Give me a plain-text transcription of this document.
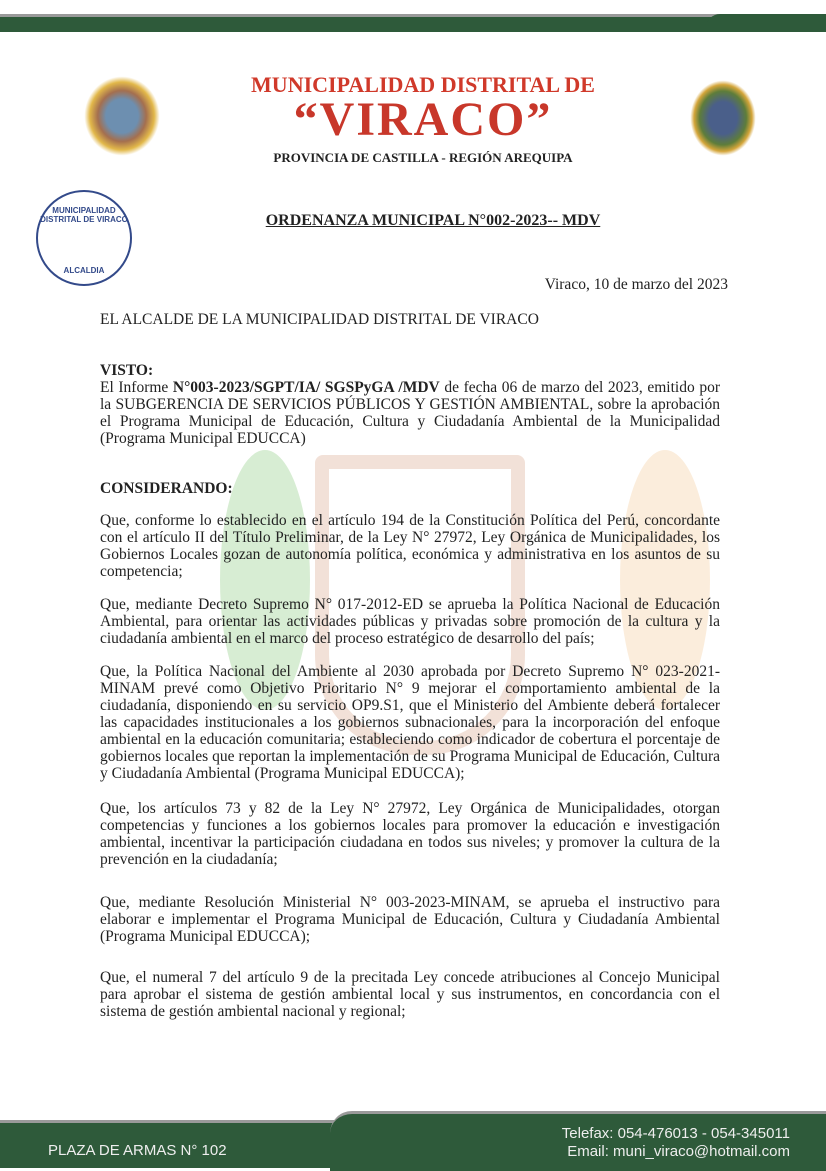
MUNICIPALIDAD DISTRITAL DE
“VIRACO”
PROVINCIA DE CASTILLA - REGIÓN AREQUIPA
MUNICIPALIDAD DISTRITAL DE VIRACO
ALCALDIA
ORDENANZA MUNICIPAL N°002-2023-- MDV
Viraco, 10 de marzo del 2023
EL ALCALDE DE LA MUNICIPALIDAD DISTRITAL DE VIRACO
VISTO:

El Informe N°003-2023/SGPT/IA/ SGSPyGA /MDV de fecha 06 de marzo del 2023, emitido por la SUBGERENCIA DE SERVICIOS PÚBLICOS Y GESTIÓN AMBIENTAL, sobre la aprobación el Programa Municipal de Educación, Cultura y Ciudadanía Ambiental de la Municipalidad (Programa Municipal EDUCCA)

CONSIDERANDO:

Que, conforme lo establecido en el artículo 194 de la Constitución Política del Perú, concordante con el artículo II del Título Preliminar, de la Ley N° 27972, Ley Orgánica de Municipalidades, los Gobiernos Locales gozan de autonomía política, económica y administrativa en los asuntos de su competencia;

Que, mediante Decreto Supremo N° 017-2012-ED se aprueba la Política Nacional de Educación Ambiental, para orientar las actividades públicas y privadas sobre promoción de la cultura y la ciudadanía ambiental en el marco del proceso estratégico de desarrollo del país;

Que, la Política Nacional del Ambiente al 2030 aprobada por Decreto Supremo N° 023-2021-MINAM prevé como Objetivo Prioritario N° 9 mejorar el comportamiento ambiental de la ciudadanía, disponiendo en su servicio OP9.S1, que el Ministerio del Ambiente deberá fortalecer las capacidades institucionales a los gobiernos subnacionales, para la incorporación del enfoque ambiental en la educación comunitaria; estableciendo como indicador de cobertura el porcentaje de gobiernos locales que reportan la implementación de su Programa Municipal de Educación, Cultura y Ciudadanía Ambiental (Programa Municipal EDUCCA);

Que, los artículos 73 y 82 de la Ley N° 27972, Ley Orgánica de Municipalidades, otorgan competencias y funciones a los gobiernos locales para promover la educación e investigación ambiental, incentivar la participación ciudadana en todos sus niveles; y promover la cultura de la prevención en la ciudadanía;

Que, mediante Resolución Ministerial N° 003-2023-MINAM, se aprueba el instructivo para elaborar e implementar el Programa Municipal de Educación, Cultura y Ciudadanía Ambiental (Programa Municipal EDUCCA);

Que, el numeral 7 del artículo 9 de la precitada Ley concede atribuciones al Concejo Municipal para aprobar el sistema de gestión ambiental local y sus instrumentos, en concordancia con el sistema de gestión ambiental nacional y regional;

PLAZA DE ARMAS N° 102
Telefax: 054-476013 - 054-345011
Email: muni_viraco@hotmail.com
